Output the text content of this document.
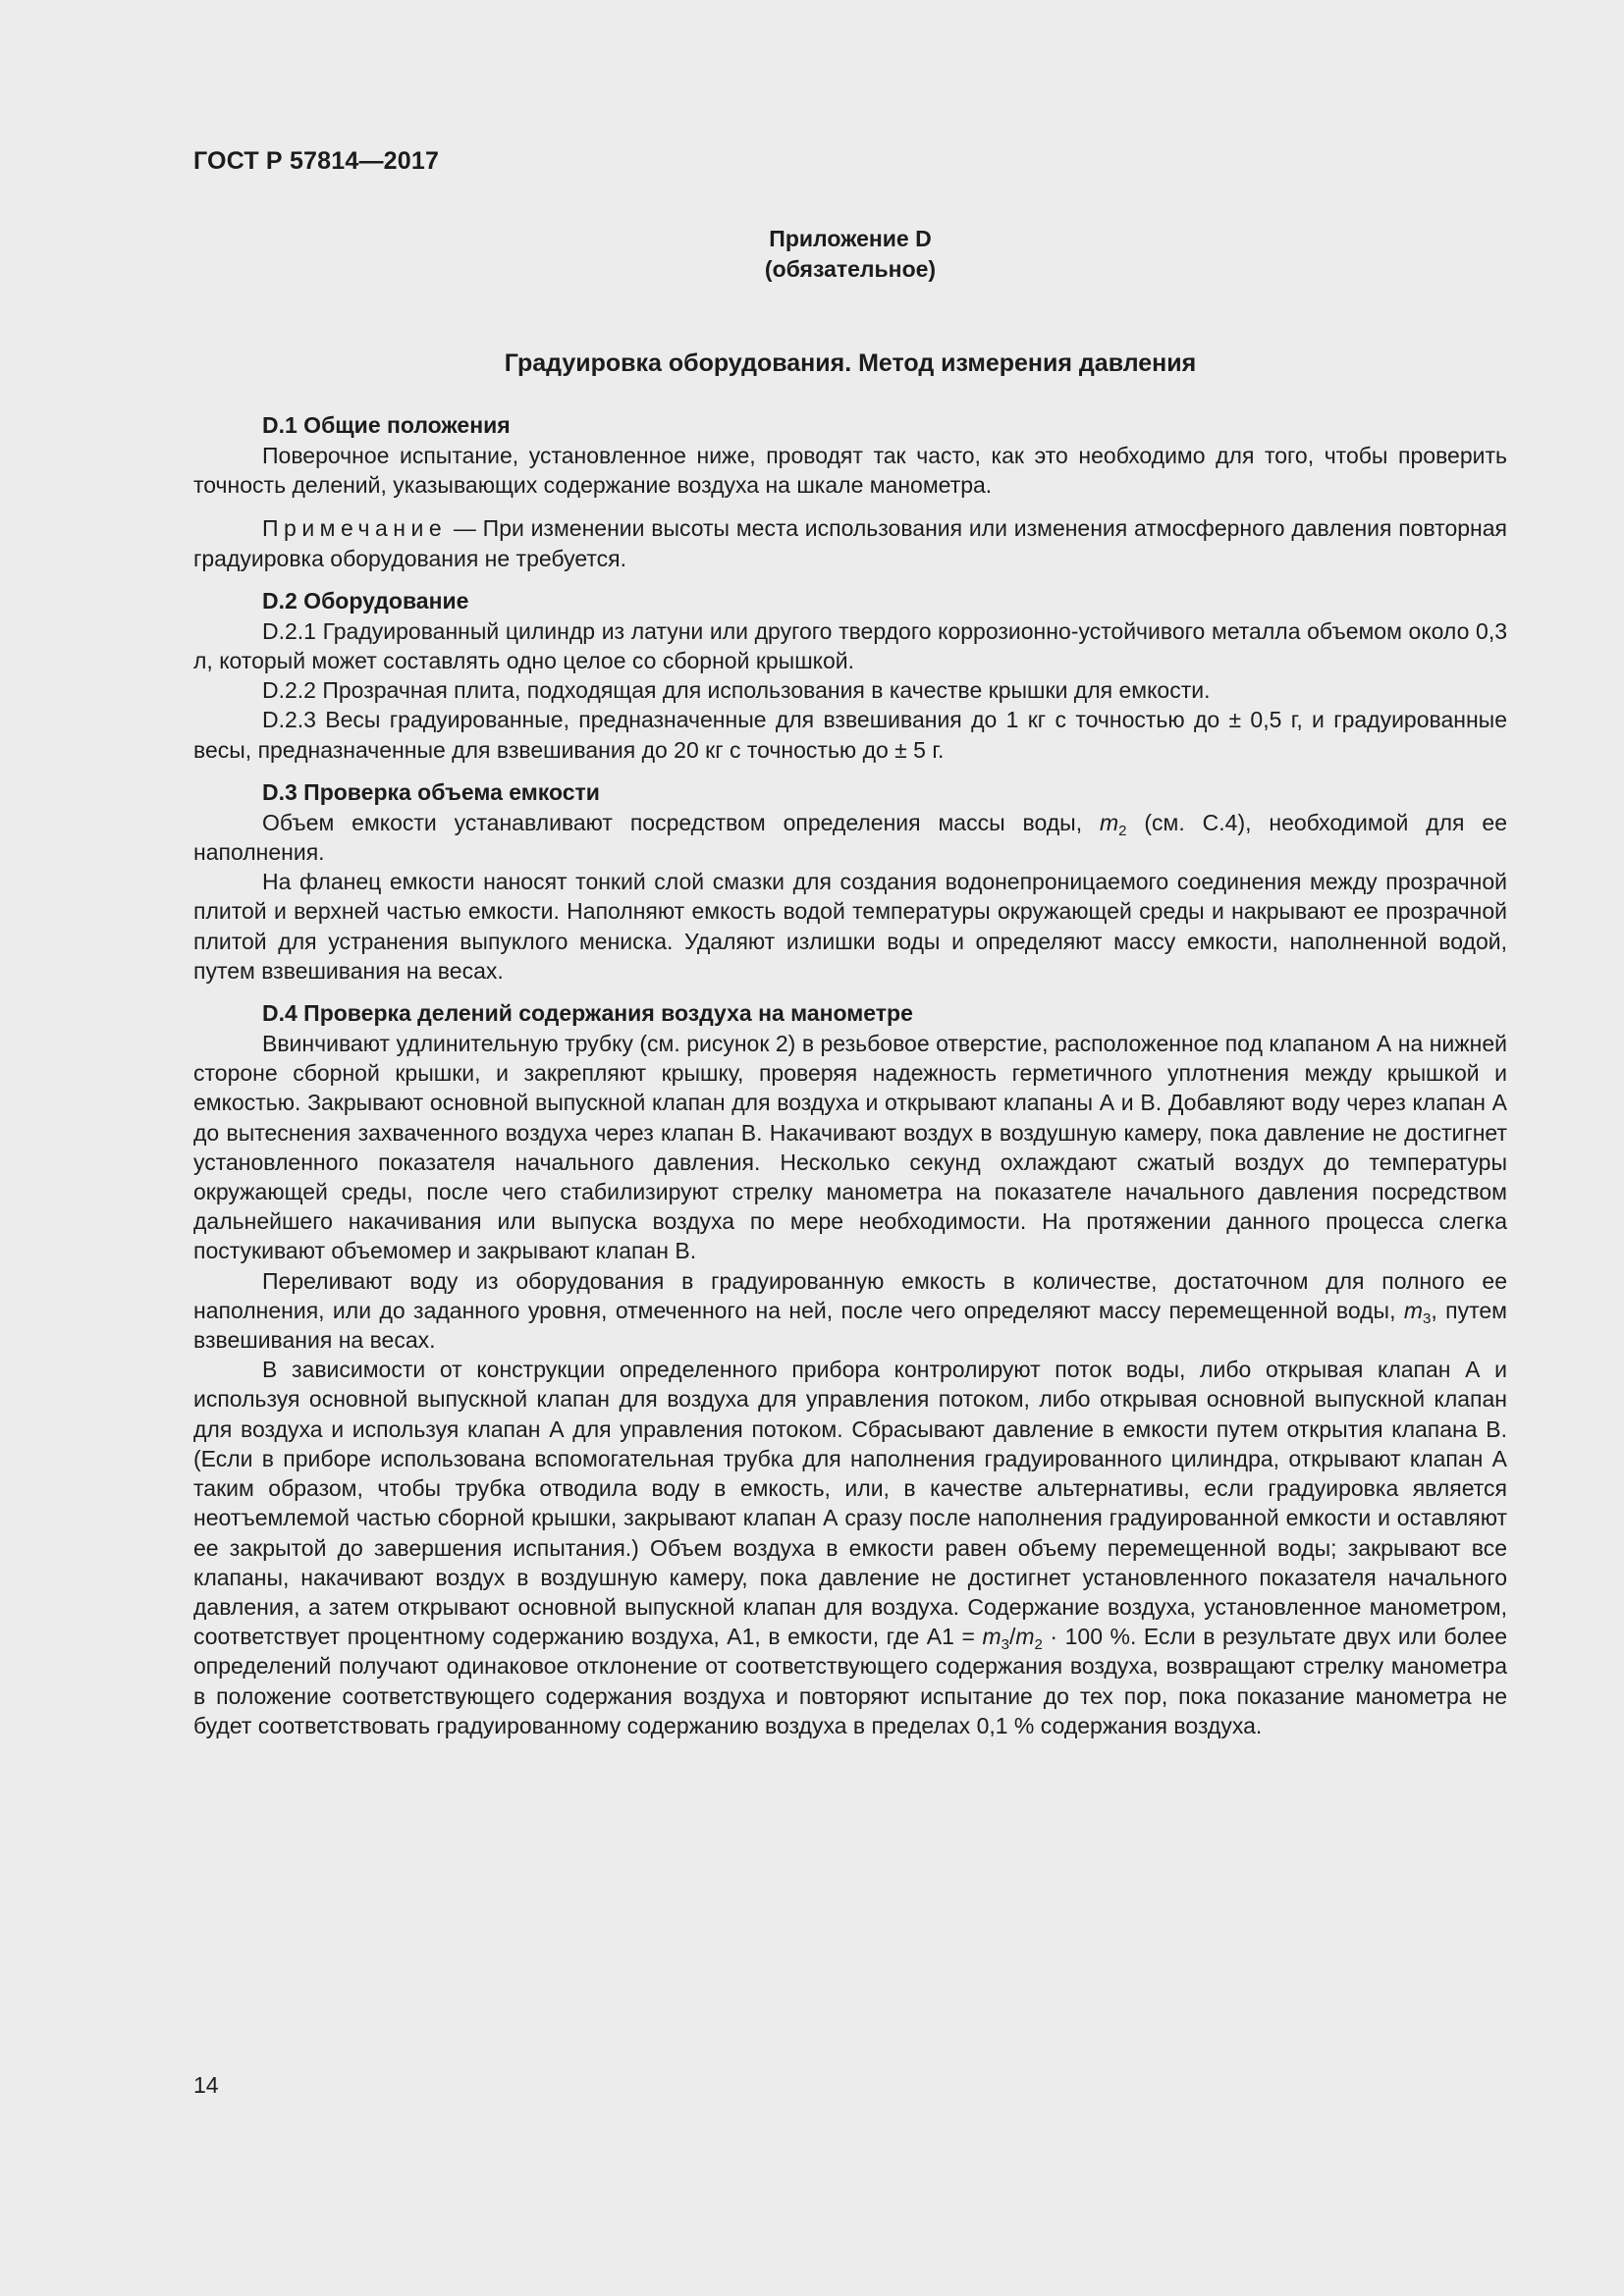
ГОСТ Р 57814—2017
Приложение D
(обязательное)
Градуировка оборудования. Метод измерения давления

D.1 Общие положения

Поверочное испытание, установленное ниже, проводят так часто, как это необходимо для того, чтобы проверить точность делений, указывающих содержание воздуха на шкале манометра.

Примечание — При изменении высоты места использования или изменения атмосферного давления повторная градуировка оборудования не требуется.

D.2 Оборудование

D.2.1 Градуированный цилиндр из латуни или другого твердого коррозионно-устойчивого металла объемом около 0,3 л, который может составлять одно целое со сборной крышкой.

D.2.2 Прозрачная плита, подходящая для использования в качестве крышки для емкости.

D.2.3 Весы градуированные, предназначенные для взвешивания до 1 кг с точностью до ± 0,5 г, и градуированные весы, предназначенные для взвешивания до 20 кг с точностью до ± 5 г.

D.3 Проверка объема емкости

Объем емкости устанавливают посредством определения массы воды, $m_2$ (см. С.4), необходимой для ее наполнения.

На фланец емкости наносят тонкий слой смазки для создания водонепроницаемого соединения между прозрачной плитой и верхней частью емкости. Наполняют емкость водой температуры окружающей среды и накрывают ее прозрачной плитой для устранения выпуклого мениска. Удаляют излишки воды и определяют массу емкости, наполненной водой, путем взвешивания на весах.

D.4 Проверка делений содержания воздуха на манометре

Ввинчивают удлинительную трубку (см. рисунок 2) в резьбовое отверстие, расположенное под клапаном А на нижней стороне сборной крышки, и закрепляют крышку, проверяя надежность герметичного уплотнения между крышкой и емкостью. Закрывают основной выпускной клапан для воздуха и открывают клапаны А и В. Добавляют воду через клапан А до вытеснения захваченного воздуха через клапан В. Накачивают воздух в воздушную камеру, пока давление не достигнет установленного показателя начального давления. Несколько секунд охлаждают сжатый воздух до температуры окружающей среды, после чего стабилизируют стрелку манометра на показателе начального давления посредством дальнейшего накачивания или выпуска воздуха по мере необходимости. На протяжении данного процесса слегка постукивают объемомер и закрывают клапан В.

Переливают воду из оборудования в градуированную емкость в количестве, достаточном для полного ее наполнения, или до заданного уровня, отмеченного на ней, после чего определяют массу перемещенной воды, $m_3$, путем взвешивания на весах.

В зависимости от конструкции определенного прибора контролируют поток воды, либо открывая клапан А и используя основной выпускной клапан для воздуха для управления потоком, либо открывая основной выпускной клапан для воздуха и используя клапан А для управления потоком. Сбрасывают давление в емкости путем открытия клапана В. (Если в приборе использована вспомогательная трубка для наполнения градуированного цилиндра, открывают клапан А таким образом, чтобы трубка отводила воду в емкость, или, в качестве альтернативы, если градуировка является неотъемлемой частью сборной крышки, закрывают клапан А сразу после наполнения градуированной емкости и оставляют ее закрытой до завершения испытания.) Объем воздуха в емкости равен объему перемещенной воды; закрывают все клапаны, накачивают воздух в воздушную камеру, пока давление не достигнет установленного показателя начального давления, а затем открывают основной выпускной клапан для воздуха. Содержание воздуха, установленное манометром, соответствует процентному содержанию воздуха, А1, в емкости, где $А1 = m_3/m_2 \cdot 100$ %. Если в результате двух или более определений получают одинаковое отклонение от соответствующего содержания воздуха, возвращают стрелку манометра в положение соответствующего содержания воздуха и повторяют испытание до тех пор, пока показание манометра не будет соответствовать градуированному содержанию воздуха в пределах 0,1 % содержания воздуха.

14
